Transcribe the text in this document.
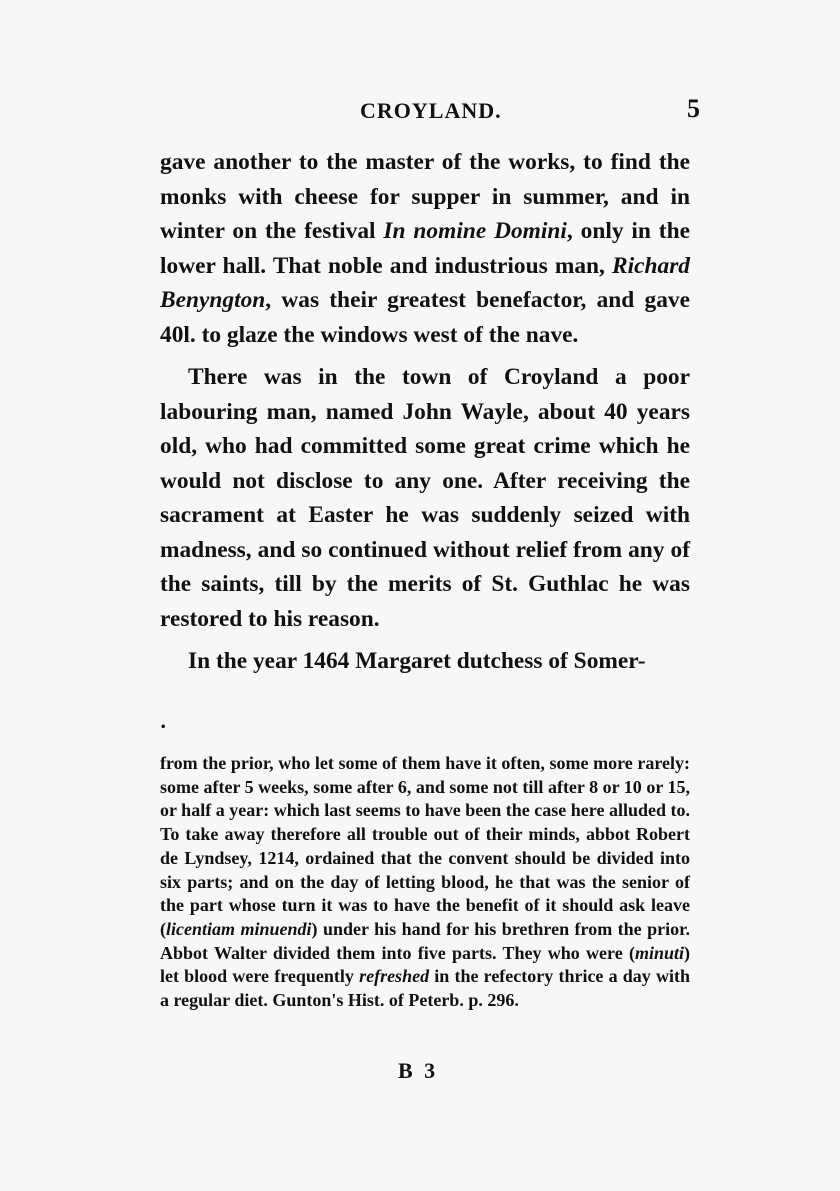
CROYLAND.	5

gave another to the master of the works, to find the monks with cheese for supper in summer, and in winter on the festival In nomine Domini, only in the lower hall. That noble and industrious man, Richard Benyngton, was their greatest benefactor, and gave 40l. to glaze the windows west of the nave.

There was in the town of Croyland a poor labouring man, named John Wayle, about 40 years old, who had committed some great crime which he would not disclose to any one. After receiving the sacrament at Easter he was suddenly seized with madness, and so continued without relief from any of the saints, till by the merits of St. Guthlac he was restored to his reason.

In the year 1464 Margaret dutchess of Somer-

•
from the prior, who let some of them have it often, some more rarely: some after 5 weeks, some after 6, and some not till after 8 or 10 or 15, or half a year: which last seems to have been the case here alluded to. To take away therefore all trouble out of their minds, abbot Robert de Lyndsey, 1214, ordained that the convent should be divided into six parts; and on the day of letting blood, he that was the senior of the part whose turn it was to have the benefit of it should ask leave (licentiam minuendi) under his hand for his brethren from the prior. Abbot Walter divided them into five parts. They who were (minuti) let blood were frequently refreshed in the refectory thrice a day with a regular diet. Gunton's Hist. of Peterb. p. 296.
B 3
